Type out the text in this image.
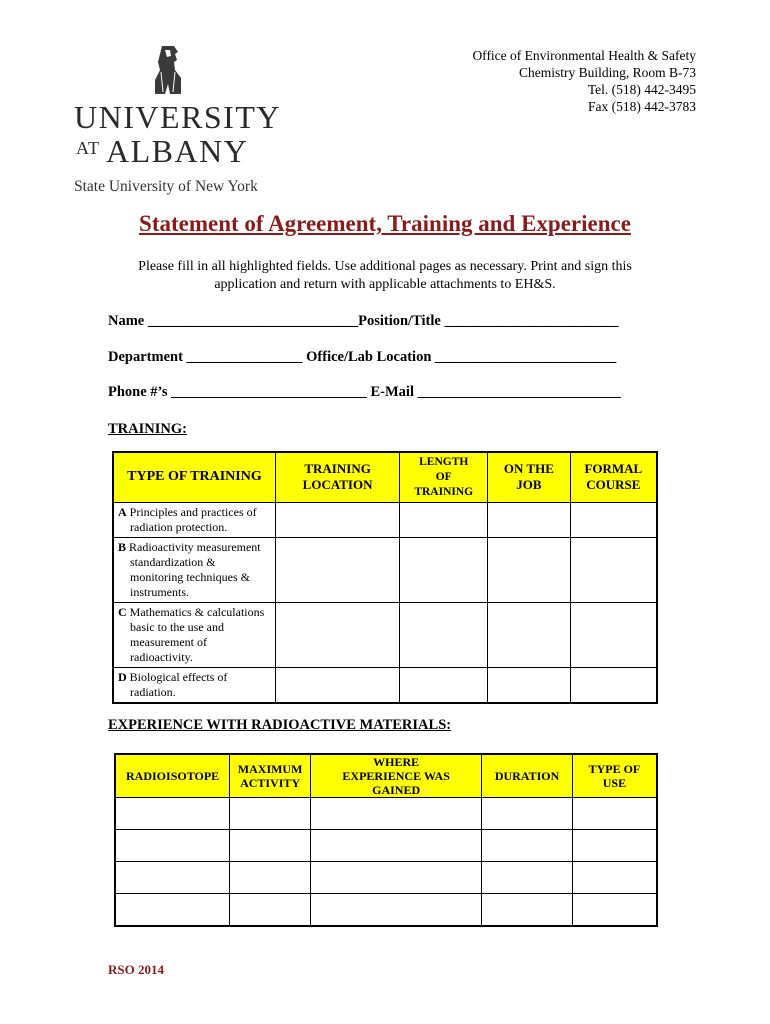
UNIVERSITY
AT ALBANY
State University of New York
Office of Environmental Health & Safety
Chemistry Building, Room B-73
Tel. (518) 442-3495
Fax (518) 442-3783
Statement of Agreement, Training and Experience
Please fill in all highlighted fields. Use additional pages as necessary. Print and sign this
application and return with applicable attachments to EH&S.
Name _____________________________Position/Title ________________________
Department ________________ Office/Lab Location _________________________
Phone #’s ___________________________ E-Mail ____________________________
TRAINING:
TYPE OF TRAINING	TRAINING LOCATION	LENGTH OF TRAINING	ON THE JOB	FORMAL COURSE

A Principles and practices of radiation protection.				

B Radioactivity measurement standardization & monitoring techniques & instruments.				

C Mathematics & calculations basic to the use and measurement of radioactivity.				

D Biological effects of radiation.				

EXPERIENCE WITH RADIOACTIVE MATERIALS:
RADIOISOTOPE	MAXIMUM ACTIVITY	WHERE EXPERIENCE WAS GAINED	DURATION	TYPE OF USE

RSO 2014
